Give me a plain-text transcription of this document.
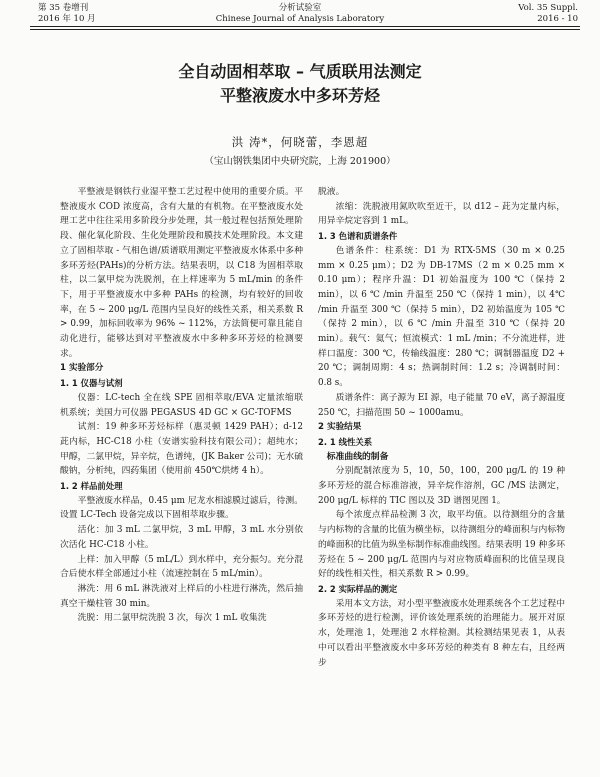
第 35 卷增刊
2016 年 10 月
分析试验室
Chinese Journal of Analysis Laboratory
Vol. 35 Suppl.
2016 - 10
全自动固相萃取 – 气质联用法测定
平整液废水中多环芳烃
洪 涛*，何晓蕾，李恩超
（宝山钢铁集团中央研究院，上海 201900）

平整液是钢铁行业湿平整工艺过程中使用的重要介质。平整液废水 COD 浓度高，含有大量的有机物。在平整液废水处理工艺中往往采用多阶段分步处理，其一般过程包括预处理阶段、催化氧化阶段、生化处理阶段和膜技术处理阶段。本文建立了固相萃取 - 气相色谱/质谱联用测定平整液废水体系中多种多环芳烃(PAHs)的分析方法。结果表明，以 C18 为固相萃取柱，以二氯甲烷为洗脱剂，在上样速率为 5 mL/min 的条件下，用于平整液废水中多种 PAHs 的检测，均有较好的回收率，在 5 ~ 200 μg/L 范围内呈良好的线性关系，相关系数 R > 0.99，加标回收率为 96% ~ 112%，方法简便可靠且能自动化进行，能够达到对平整液废水中多种多环芳烃的检测要求。

1 实验部分

1. 1 仪器与试剂

仪器：LC-tech 全在线 SPE 固相萃取/EVA 定量浓缩联机系统；美国力可仪器 PEGASUS 4D GC × GC-TOFMS

试剂：19 种多环芳烃标样（惠灵顿 1429 PAH）；d-12 茈内标，HC-C18 小柱（安谱实验科技有限公司）；超纯水；甲醇，二氯甲烷，异辛烷，色谱纯，(JK Baker 公司)；无水硫酸钠，分析纯，四药集团（使用前 450℃烘烤 4 h）。

1. 2 样品前处理

平整液废水样品，0.45 μm 尼龙水相滤膜过滤后，待测。设置 LC-Tech 设备完成以下固相萃取步骤。

活化：加 3 mL 二氯甲烷，3 mL 甲醇，3 mL 水分别依次活化 HC-C18 小柱。

上样：加入甲醇（5 mL/L）到水样中，充分振匀。充分混合后使水样全部通过小柱（流速控制在 5 mL/min）。

淋洗：用 6 mL 淋洗液对上样后的小柱进行淋洗，然后抽真空干燥柱管 30 min。

洗脱：用二氯甲烷洗脱 3 次，每次 1 mL 收集洗

脱液。

浓缩：洗脱液用氮吹吹至近干，以 d12 – 茈为定量内标，用异辛烷定容到 1 mL。

1. 3 色谱和质谱条件

色谱条件：柱系统：D1 为 RTX-5MS（30 m × 0.25 mm × 0.25 μm）；D2 为 DB-17MS（2 m × 0.25 mm × 0.10 μm）；程序升温：D1 初始温度为 100 ℃（保持 2 min），以 6 ℃ /min 升温至 250 ℃（保持 1 min），以 4℃ /min 升温至 300 ℃（保持 5 min），D2 初始温度为 105 ℃（保持 2 min），以 6 ℃ /min 升温至 310 ℃（保持 20 min）。载气：氦气；恒流模式：1 mL /min；不分流进样，进样口温度：300 ℃，传输线温度：280 ℃；调制器温度 D2 + 20 ℃；调制周期：4 s；热调制时间：1.2 s；冷调制时间：0.8 s。

质谱条件：离子源为 EI 源，电子能量 70 eV，离子源温度 250 ℃，扫描范围 50 ~ 1000amu。

2 实验结果

2. 1 线性关系

标准曲线的制备

分别配制浓度为 5，10，50，100，200 μg/L 的 19 种多环芳烃的混合标准溶液，异辛烷作溶剂，GC /MS 法测定，200 μg/L 标样的 TIC 图以及 3D 谱图见图 1。

每个浓度点样品检测 3 次，取平均值。以待测组分的含量与内标物的含量的比值为横坐标，以待测组分的峰面积与内标物的峰面积的比值为纵坐标制作标准曲线图。结果表明 19 种多环芳烃在 5 ~ 200 μg/L 范围内与对应物质峰面积的比值呈现良好的线性相关性，相关系数 R > 0.99。

2. 2 实际样品的测定

采用本文方法，对小型平整液废水处理系统各个工艺过程中多环芳烃的进行检测，评价该处理系统的治理能力。展开对原水，处理池 1，处理池 2 水样检测。其检测结果见表 1，从表中可以看出平整液废水中多环芳烃的种类有 8 种左右，且经两步
